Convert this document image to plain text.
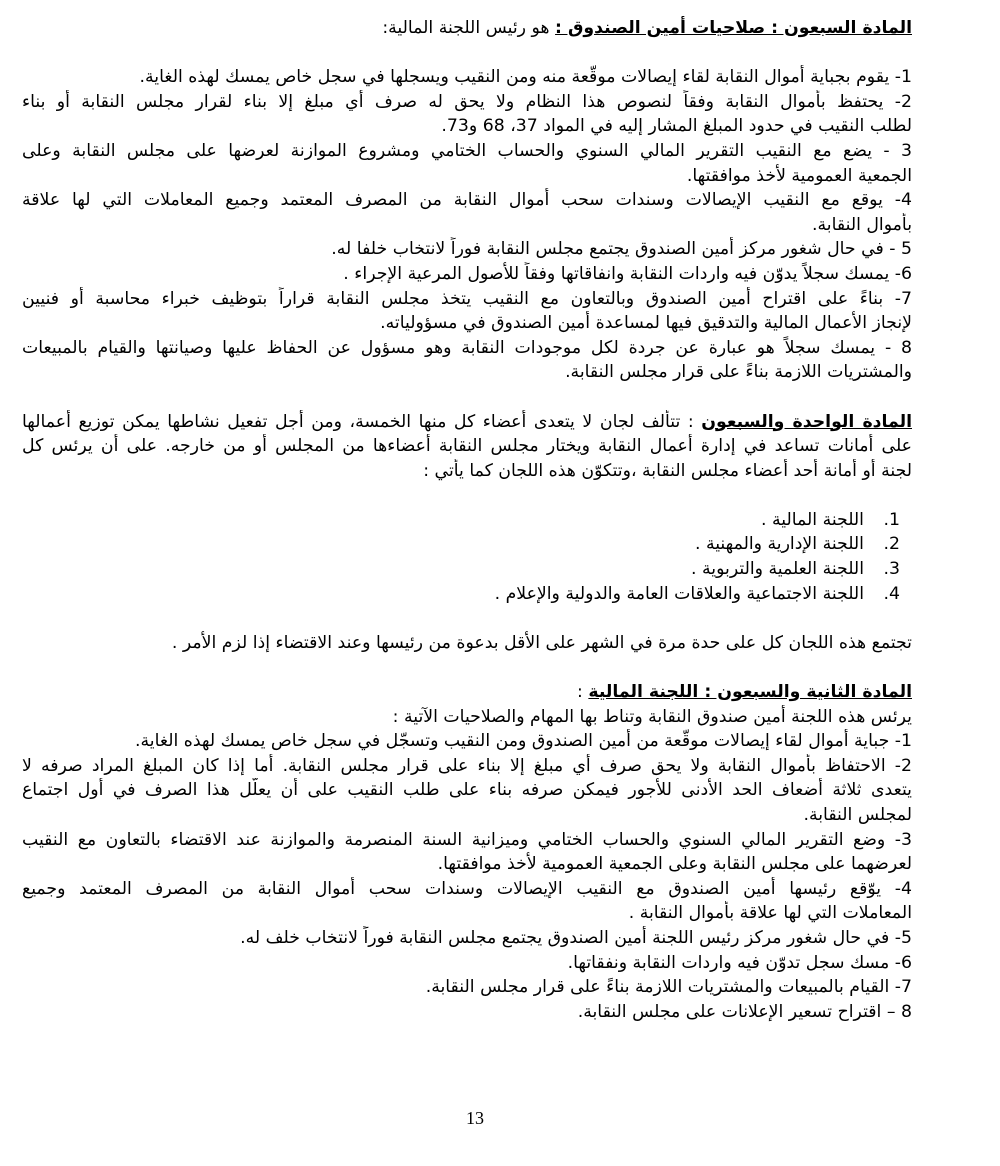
المادة السبعون : صلاحيات أمين الصندوق : هو رئيس اللجنة المالية:
1- يقوم بجباية أموال النقابة لقاء إيصالات موقّعة منه ومن النقيب ويسجلها في سجل خاص يمسك لهذه الغاية.
2- يحتفظ بأموال النقابة وفقاً لنصوص هذا النظام ولا يحق له صرف أي مبلغ إلا بناء لقرار مجلس النقابة أو بناء
لطلب النقيب في حدود المبلغ المشار إليه في المواد 37، 68 و73.
3 - يضع مع النقيب التقرير المالي السنوي والحساب الختامي ومشروع الموازنة لعرضها على مجلس النقابة وعلى
الجمعية العمومية لأخذ موافقتها.
4- يوقع مع النقيب الإيصالات وسندات سحب أموال النقابة من المصرف المعتمد وجميع المعاملات التي لها علاقة
بأموال النقابة.
5 - في حال شغور مركز أمين الصندوق يجتمع مجلس النقابة فوراً لانتخاب خلفا له.
6- يمسك سجلاً يدوّن فيه واردات النقابة وانفاقاتها وفقاً للأصول المرعية الإجراء .
7- بناءً على اقتراح أمين الصندوق وبالتعاون مع النقيب يتخذ مجلس النقابة قراراً بتوظيف خبراء محاسبة أو فنيين
لإنجاز الأعمال المالية والتدقيق فيها لمساعدة أمين الصندوق في مسؤولياته.
8 - يمسك سجلاً هو عبارة عن جردة لكل موجودات النقابة وهو مسؤول عن الحفاظ عليها وصيانتها والقيام بالمبيعات
والمشتريات اللازمة بناءً على قرار مجلس النقابة.
المادة الواحدة والسبعون : تتألف لجان لا يتعدى أعضاء كل منها الخمسة، ومن أجل تفعيل نشاطها يمكن توزيع أعمالها
على أمانات تساعد في إدارة أعمال النقابة ويختار مجلس النقابة أعضاءها من المجلس أو من خارجه. على أن يرئس كل
لجنة أو أمانة أحد أعضاء مجلس النقابة ،وتتكوّن هذه اللجان كما يأتي :
1.
اللجنة المالية .
2.
اللجنة الإدارية والمهنية .
3.
اللجنة العلمية والتربوية .
4.
اللجنة الاجتماعية والعلاقات العامة والدولية والإعلام .
تجتمع هذه اللجان كل على حدة مرة في الشهر على الأقل بدعوة من رئيسها وعند الاقتضاء إذا لزم الأمر .
المادة الثانية والسبعون : اللجنة المالية :
يرئس هذه اللجنة أمين صندوق النقابة وتناط بها المهام والصلاحيات الآتية :
1- جباية أموال لقاء إيصالات موقّعة من أمين الصندوق ومن النقيب وتسجّل في سجل خاص يمسك لهذه الغاية.
2- الاحتفاظ بأموال النقابة ولا يحق صرف أي مبلغ إلا بناء على قرار مجلس النقابة. أما إذا كان المبلغ المراد صرفه لا
يتعدى ثلاثة أضعاف الحد الأدنى للأجور فيمكن صرفه بناء على طلب النقيب على أن يعلّل هذا الصرف في أول اجتماع
لمجلس النقابة.
3- وضع التقرير المالي السنوي والحساب الختامي وميزانية السنة المنصرمة والموازنة عند الاقتضاء بالتعاون مع النقيب
لعرضهما على مجلس النقابة وعلى الجمعية العمومية لأخذ موافقتها.
4- يوّقع رئيسها أمين الصندوق مع النقيب الإيصالات وسندات سحب أموال النقابة من المصرف المعتمد وجميع
المعاملات التي لها علاقة بأموال النقابة .
5- في حال شغور مركز رئيس اللجنة أمين الصندوق يجتمع مجلس النقابة فوراًً لانتخاب خلف له.
6- مسك سجل تدوّن فيه واردات النقابة ونفقاتها.
7- القيام بالمبيعات والمشتريات اللازمة بناءً على قرار مجلس النقابة.
8 – اقتراح تسعير الإعلانات على مجلس النقابة.
13
